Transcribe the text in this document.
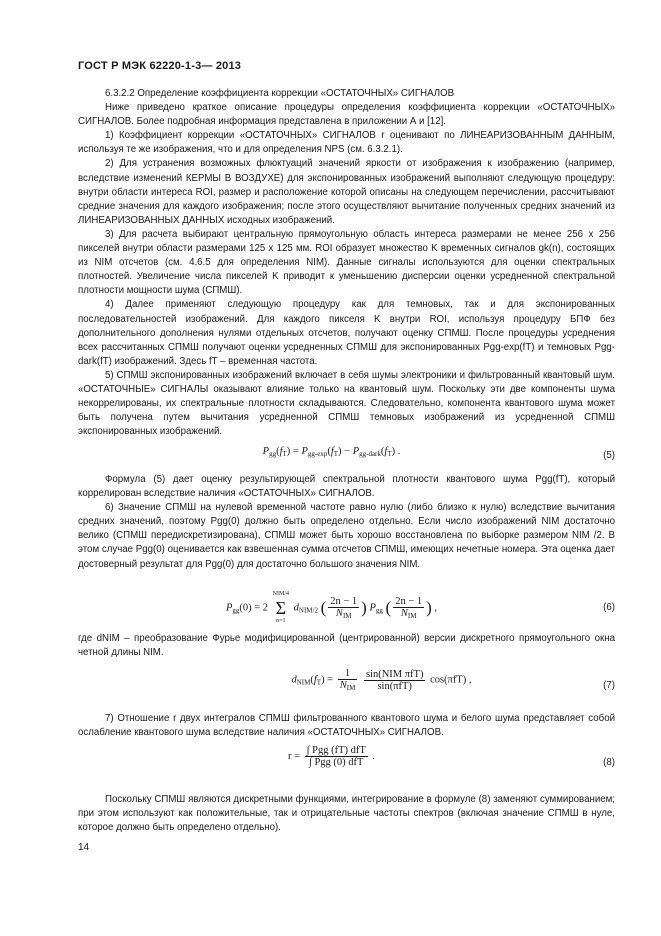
ГОСТ Р МЭК 62220-1-3— 2013

6.3.2.2 Определение коэффициента коррекции «ОСТАТОЧНЫХ» СИГНАЛОВ

Ниже приведено краткое описание процедуры определения коэффициента коррекции «ОСТАТОЧНЫХ» СИГНАЛОВ. Более подробная информация представлена в приложении А и [12].

1) Коэффициент коррекции «ОСТАТОЧНЫХ» СИГНАЛОВ r оценивают по ЛИНЕАРИЗОВАННЫМ ДАННЫМ, используя те же изображения, что и для определения NPS (см. 6.3.2.1).

2) Для устранения возможных флюктуаций значений яркости от изображения к изображению (например, вследствие изменений КЕРМЫ В ВОЗДУХЕ) для экспонированных изображений выполняют следующую процедуру: внутри области интереса ROI, размер и расположение которой описаны на следующем перечислении, рассчитывают средние значения для каждого изображения; после этого осуществляют вычитание полученных средних значений из ЛИНЕАРИЗОВАННЫХ ДАННЫХ исходных изображений.

3) Для расчета выбирают центральную прямоугольную область интереса размерами не менее 256 x 256 пикселей внутри области размерами 125 x 125 мм. ROI образует множество K временных сигналов gk(n), состоящих из NIM отсчетов (см. 4.6.5 для определения NIM). Данные сигналы используются для оценки спектральных плотностей. Увеличение числа пикселей K приводит к уменьшению дисперсии оценки усредненной спектральной плотности мощности шума (СПМШ).

4) Далее применяют следующую процедуру как для темновых, так и для экспонированных последовательностей изображений. Для каждого пикселя K внутри ROI, используя процедуру БПФ без дополнительного дополнения нулями отдельных отсчетов, получают оценку СПМШ. После процедуры усреднения всех рассчитанных СПМШ получают оценки усредненных СПМШ для экспонированных Pgg-exp(fT) и темновых Pgg-dark(fT) изображений. Здесь fT – временная частота.

5) СПМШ экспонированных изображений включает в себя шумы электроники и фильтрованный квантовый шум. «ОСТАТОЧНЫЕ» СИГНАЛЫ оказывают влияние только на квантовый шум. Поскольку эти две компоненты шума некоррелированы, их спектральные плотности складываются. Следовательно, компонента квантового шума может быть получена путем вычитания усредненной СПМШ темновых изображений из усредненной СПМШ экспонированных изображений.

$P_{gg}(f_T) = P_{gg-exp}(f_T) - P_{gg-dark}(f_T)$ .	(5)

Формула (5) дает оценку результирующей спектральной плотности квантового шума Pgg(fT), который коррелирован вследствие наличия «ОСТАТОЧНЫХ» СИГНАЛОВ.

6) Значение СПМШ на нулевой временной частоте равно нулю (либо близко к нулю) вследствие вычитания средних значений, поэтому Pgg(0) должно быть определено отдельно. Если число изображений NIM достаточно велико (СПМШ передискретизирована), СПМШ может быть хорошо восстановлена по выборке размером NIM /2. В этом случае Pgg(0) оценивается как взвешенная сумма отсчетов СПМШ, имеющих нечетные номера. Эта оценка дает достоверный результат для Pgg(0) для достаточно большого значения NIM.

$P_{gg}(0) = 2$
NIM/4
Σ
n=1
$d_{NIM/2}$ ( $\frac{2n - 1}{N_{IM}}$ ) $P_{gg}$ ( $\frac{2n - 1}{N_{IM}}$ ) ,	(6)

где dNIM – преобразование Фурье модифицированной (центрированной) версии дискретного прямоугольного окна четной длины NIM.

$d_{NIM}(f_T) = \frac{1}{N_{IM}}$
$\frac{\text{sin(NIM πfT)}}{\text{sin(πfT)}} \cos(\pi fT)$ ,
(7)

7) Отношение r двух интегралов СПМШ фильтрованного квантового шума и белого шума представляет собой ослабление квантового шума вследствие наличия «ОСТАТОЧНЫХ» СИГНАЛОВ.

$r = \frac{\text{∫ Pgg (fT) dfT}}{\text{∫ Pgg (0) dfT}}$ .
(8)

Поскольку СПМШ являются дискретными функциями, интегрирование в формуле (8) заменяют суммированием; при этом используют как положительные, так и отрицательные частоты спектров (включая значение СПМШ в нуле, которое должно быть определено отдельно).

14
